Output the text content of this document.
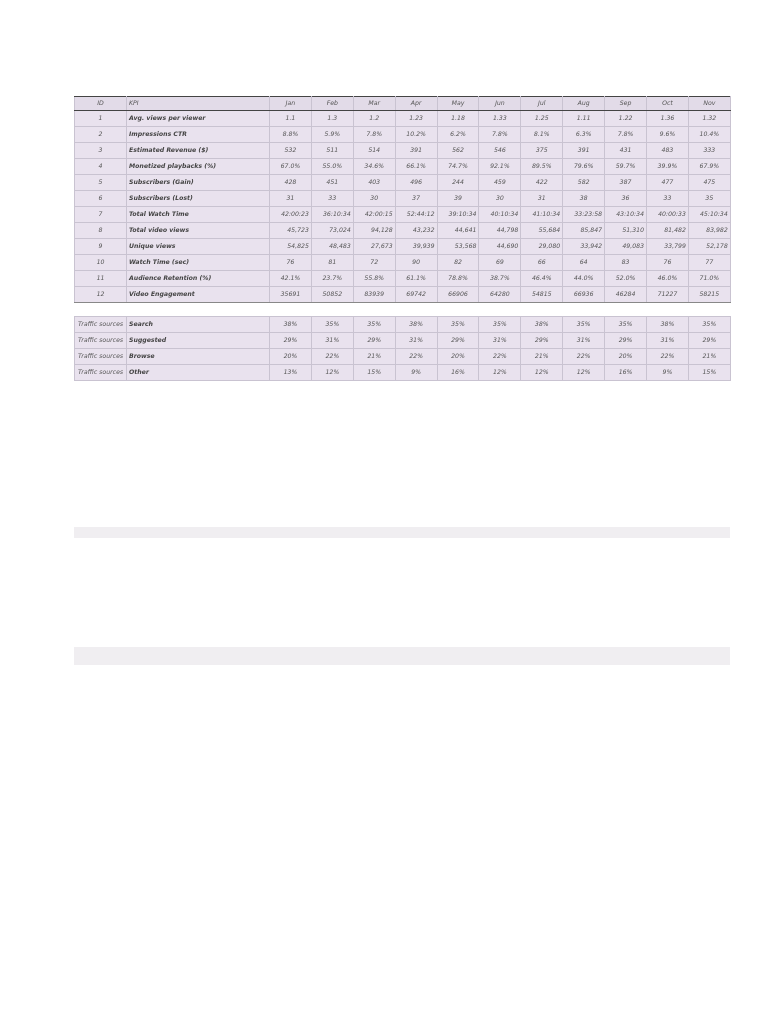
ID	KPI	Jan	Feb	Mar	Apr	May	Jun	Jul	Aug	Sep	Oct	Nov
1	Avg. views per viewer	1.1	1.3	1.2	1.23	1.18	1.33	1.25	1.11	1.22	1.36	1.32
2	Impressions CTR	8.8%	5.9%	7.8%	10.2%	6.2%	7.8%	8.1%	6.3%	7.8%	9.6%	10.4%
3	Estimated Revenue ($)	532	511	514	391	562	546	375	391	431	483	333
4	Monetized playbacks (%)	67.0%	55.0%	34.6%	66.1%	74.7%	92.1%	89.5%	79.6%	59.7%	39.9%	67.9%
5	Subscribers (Gain)	428	451	403	496	244	459	422	582	387	477	475
6	Subscribers (Lost)	31	33	30	37	39	30	31	38	36	33	35
7	Total Watch Time	42:00:23	36:10:34	42:00:15	52:44:12	39:10:34	40:10:34	41:10:34	33:23:58	43:10:34	40:00:33	45:10:34
8	Total video views	45,723	73,024	94,128	43,232	44,641	44,798	55,684	85,847	51,310	81,482	83,982
9	Unique views	54,825	48,483	27,673	39,939	53,568	44,690	29,080	33,942	49,083	33,799	52,178
10	Watch Time (sec)	76	81	72	90	82	69	66	64	83	76	77
11	Audience Retention (%)	42.1%	23.7%	55.8%	61.1%	78.8%	38.7%	46.4%	44.0%	52.0%	46.0%	71.0%
12	Video Engagement	35691	50852	83939	69742	66906	64280	54815	66936	46284	71227	58215
Traffic sources	Search	38%	35%	35%	38%	35%	35%	38%	35%	35%	38%	35%
Traffic sources	Suggested	29%	31%	29%	31%	29%	31%	29%	31%	29%	31%	29%
Traffic sources	Browse	20%	22%	21%	22%	20%	22%	21%	22%	20%	22%	21%
Traffic sources	Other	13%	12%	15%	9%	16%	12%	12%	12%	16%	9%	15%
